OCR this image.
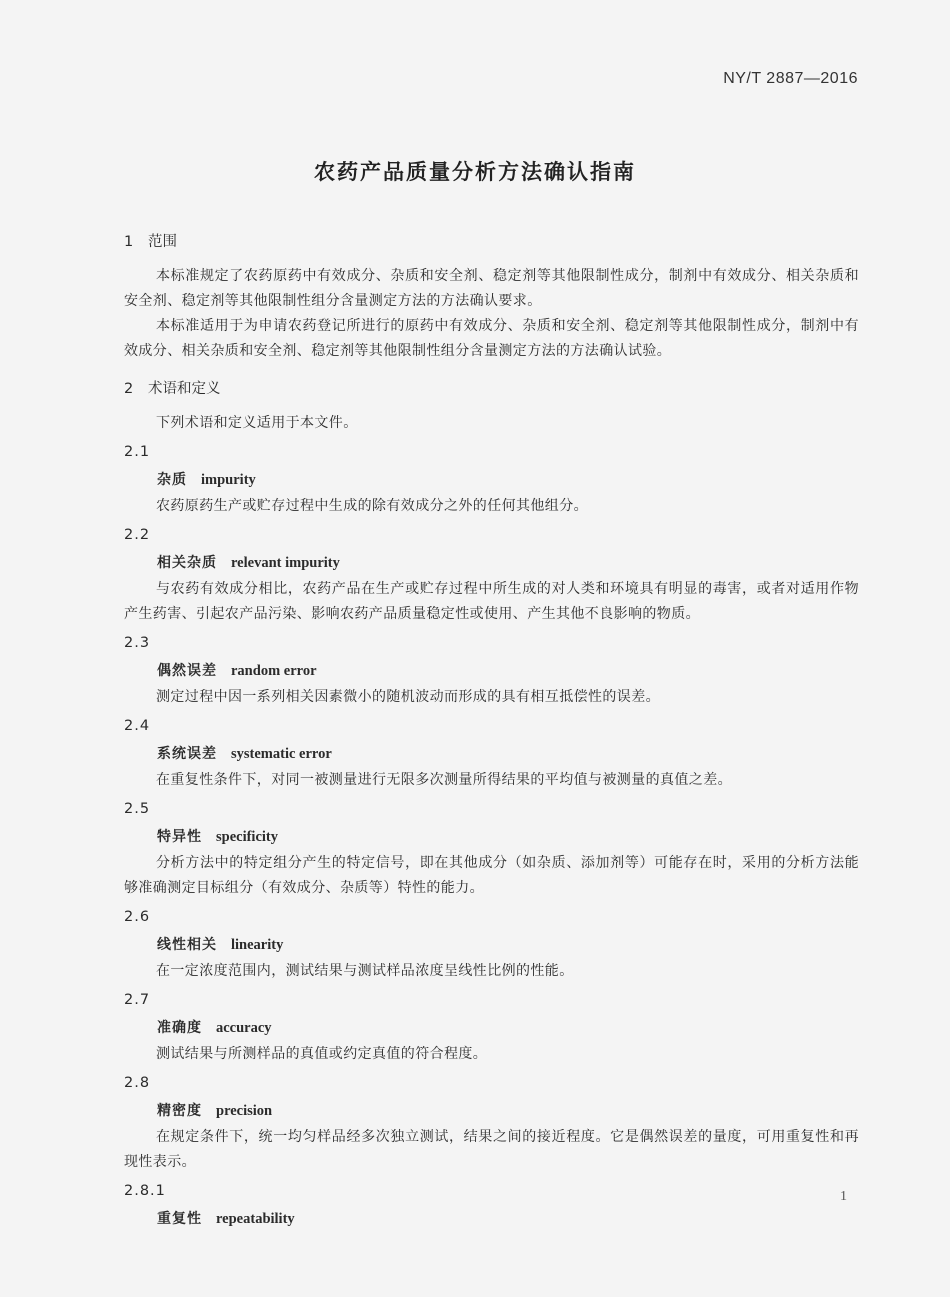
NY/T 2887—2016
农药产品质量分析方法确认指南
1 范围

本标准规定了农药原药中有效成分、杂质和安全剂、稳定剂等其他限制性成分，制剂中有效成分、相关杂质和安全剂、稳定剂等其他限制性组分含量测定方法的方法确认要求。

本标准适用于为申请农药登记所进行的原药中有效成分、杂质和安全剂、稳定剂等其他限制性成分，制剂中有效成分、相关杂质和安全剂、稳定剂等其他限制性组分含量测定方法的方法确认试验。

2 术语和定义

下列术语和定义适用于本文件。

2.1
杂质 impurity

农药原药生产或贮存过程中生成的除有效成分之外的任何其他组分。

2.2
相关杂质 relevant impurity

与农药有效成分相比，农药产品在生产或贮存过程中所生成的对人类和环境具有明显的毒害，或者对适用作物产生药害、引起农产品污染、影响农药产品质量稳定性或使用、产生其他不良影响的物质。

2.3
偶然误差 random error

测定过程中因一系列相关因素微小的随机波动而形成的具有相互抵偿性的误差。

2.4
系统误差 systematic error

在重复性条件下，对同一被测量进行无限多次测量所得结果的平均值与被测量的真值之差。

2.5
特异性 specificity

分析方法中的特定组分产生的特定信号，即在其他成分（如杂质、添加剂等）可能存在时，采用的分析方法能够准确测定目标组分（有效成分、杂质等）特性的能力。

2.6
线性相关 linearity

在一定浓度范围内，测试结果与测试样品浓度呈线性比例的性能。

2.7
准确度 accuracy

测试结果与所测样品的真值或约定真值的符合程度。

2.8
精密度 precision

在规定条件下，统一均匀样品经多次独立测试，结果之间的接近程度。它是偶然误差的量度，可用重复性和再现性表示。

2.8.1
重复性 repeatability
1
